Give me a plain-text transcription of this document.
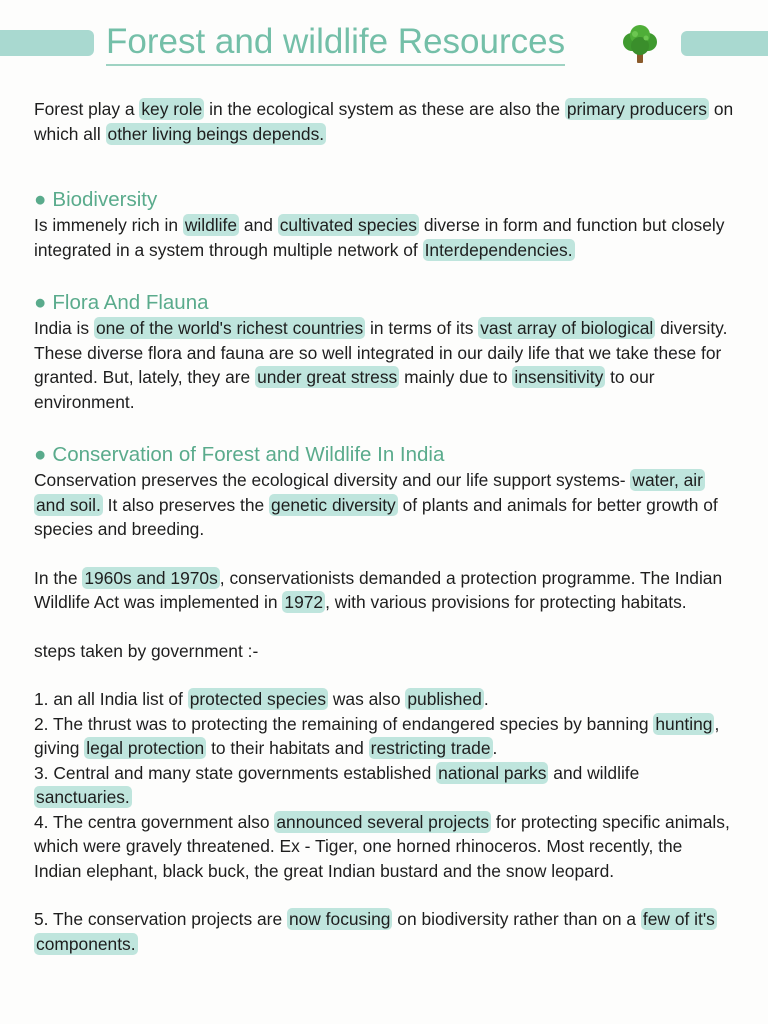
Forest and wildlife Resources

Forest play a key role in the ecological system as these are also the primary producers on which all other living beings depends.

● Biodiversity

Is immenely rich in wildlife and cultivated species diverse in form and function but closely integrated in a system through multiple network of Interdependencies.

● Flora And Flauna

India is one of the world's richest countries in terms of its vast array of biological diversity. These diverse flora and fauna are so well integrated in our daily life that we take these for granted. But, lately, they are under great stress mainly due to insensitivity to our environment.

● Conservation of Forest and Wildlife In India

Conservation preserves the ecological diversity and our life support systems- water, air and soil. It also preserves the genetic diversity of plants and animals for better growth of species and breeding.

In the 1960s and 1970s , conservationists demanded a protection programme. The Indian Wildlife Act was implemented in 1972 , with various provisions for protecting habitats.

steps taken by government :-

1. an all India list of protected species was also published .

2. The thrust was to protecting the remaining of endangered species by banning hunting , giving legal protection to their habitats and restricting trade .

3. Central and many state governments established national parks and wildlife sanctuaries.

4. The centra government also announced several projects for protecting specific animals, which were gravely threatened. Ex - Tiger, one horned rhinoceros. Most recently, the Indian elephant, black buck, the great Indian bustard and the snow leopard.

5. The conservation projects are now focusing on biodiversity rather than on a few of it's components.
